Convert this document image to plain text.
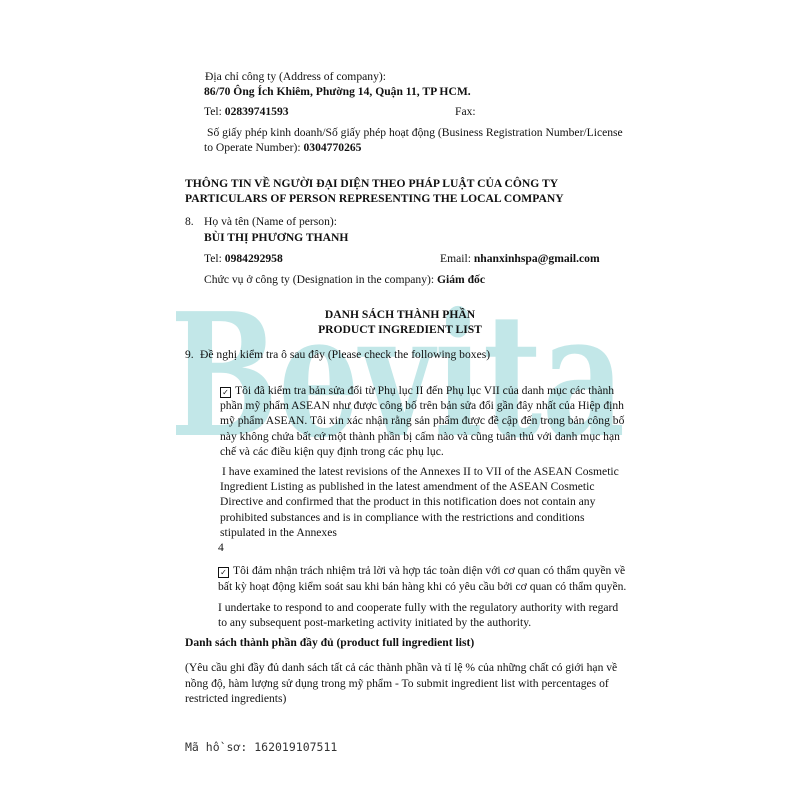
Bevita
Địa chỉ công ty (Address of company):
86/70 Ông Ích Khiêm, Phường 14, Quận 11, TP HCM.
Tel: 02839741593	Fax:
Số giấy phép kinh doanh/Số giấy phép hoạt động (Business Registration Number/License
to Operate Number): 0304770265
THÔNG TIN VỀ NGƯỜI ĐẠI DIỆN THEO PHÁP LUẬT CỦA CÔNG TY
PARTICULARS OF PERSON REPRESENTING THE LOCAL COMPANY
8. Họ và tên (Name of person):
BÙI THỊ PHƯƠNG THANH
Tel: 0984292958	Email: nhanxinhspa@gmail.com
Chức vụ ở công ty (Designation in the company): Giám đốc
DANH SÁCH THÀNH PHẦN
PRODUCT INGREDIENT LIST
9. Đề nghị kiểm tra ô sau đây (Please check the following boxes)
✓ Tôi đã kiểm tra bản sửa đổi từ Phụ lục II đến Phụ lục VII của danh mục các thành
phần mỹ phẩm ASEAN như được công bố trên bản sửa đổi gần đây nhất của Hiệp định
mỹ phẩm ASEAN. Tôi xin xác nhận rằng sản phẩm được đề cập đến trong bản công bố
này không chứa bất cứ một thành phần bị cấm nào và cũng tuân thủ với danh mục hạn
chế và các điều kiện quy định trong các phụ lục.
I have examined the latest revisions of the Annexes II to VII of the ASEAN Cosmetic
Ingredient Listing as published in the latest amendment of the ASEAN Cosmetic
Directive and confirmed that the product in this notification does not contain any
prohibited substances and is in compliance with the restrictions and conditions
stipulated in the Annexes
4
✓ Tôi đảm nhận trách nhiệm trả lời và hợp tác toàn diện với cơ quan có thẩm quyền về
bất kỳ hoạt động kiểm soát sau khi bán hàng khi có yêu cầu bởi cơ quan có thẩm quyền.
I undertake to respond to and cooperate fully with the regulatory authority with regard
to any subsequent post-marketing activity initiated by the authority.
Danh sách thành phần đầy đủ (product full ingredient list)
(Yêu cầu ghi đầy đủ danh sách tất cả các thành phần và tỉ lệ % của những chất có giới hạn về
nồng độ, hàm lượng sử dụng trong mỹ phẩm - To submit ingredient list with percentages of
restricted ingredients)
Mã hồ sơ: 162019107511
